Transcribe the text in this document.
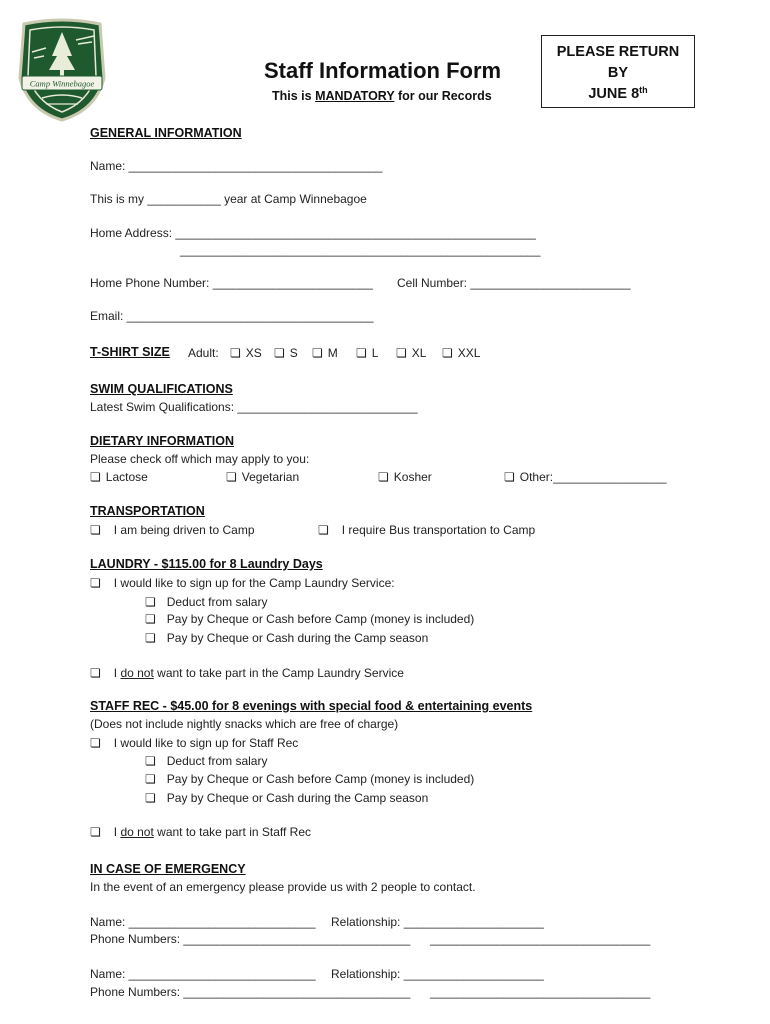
Camp Winnebagoe
Staff Information Form
This is MANDATORY for our Records
PLEASE RETURN
BY
JUNE 8th
GENERAL INFORMATION
Name: ______________________________________
This is my ___________ year at Camp Winnebagoe
Home Address: ______________________________________________________
______________________________________________________
Home Phone Number: ________________________ Cell Number: ________________________
Email: _____________________________________
T-SHIRT SIZE Adult: ❏ XS ❏ S ❏ M ❏ L ❏ XL ❏ XXL
SWIM QUALIFICATIONS
Latest Swim Qualifications: ___________________________
DIETARY INFORMATION
Please check off which may apply to you:
❏ Lactose	❏ Vegetarian	❏ Kosher	❏ Other:_________________
TRANSPORTATION
❏ I am being driven to Camp	❏ I require Bus transportation to Camp
LAUNDRY - $115.00 for 8 Laundry Days
❏ I would like to sign up for the Camp Laundry Service:
❏ Deduct from salary
❏ Pay by Cheque or Cash before Camp (money is included)
❏ Pay by Cheque or Cash during the Camp season
❏ I do not want to take part in the Camp Laundry Service
STAFF REC - $45.00 for 8 evenings with special food & entertaining events
(Does not include nightly snacks which are free of charge)
❏ I would like to sign up for Staff Rec
❏ Deduct from salary
❏ Pay by Cheque or Cash before Camp (money is included)
❏ Pay by Cheque or Cash during the Camp season
❏ I do not want to take part in Staff Rec
IN CASE OF EMERGENCY
In the event of an emergency please provide us with 2 people to contact.
Name: ____________________________ Relationship: _____________________
Phone Numbers: __________________________________ _________________________________
Name: ____________________________ Relationship: _____________________
Phone Numbers: __________________________________ _________________________________
